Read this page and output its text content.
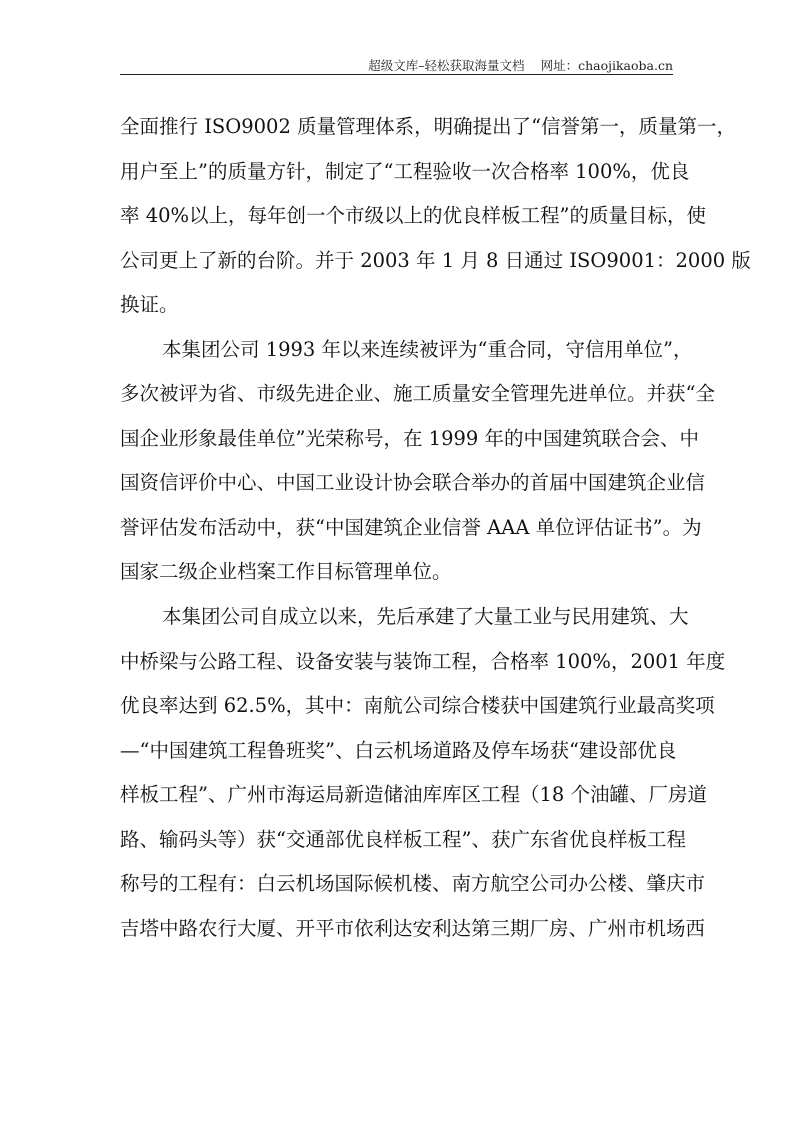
超级文库–轻松获取海量文档 网址：chaojikaoba.cn
全面推行 ISO9002 质量管理体系，明确提出了“信誉第一，质量第一，
用户至上”的质量方针，制定了“工程验收一次合格率 100%，优良
率 40%以上，每年创一个市级以上的优良样板工程”的质量目标，使
公司更上了新的台阶。并于 2003 年 1 月 8 日通过 ISO9001：2000 版
换证。
本集团公司 1993 年以来连续被评为“重合同，守信用单位”，
多次被评为省、市级先进企业、施工质量安全管理先进单位。并获“全
国企业形象最佳单位”光荣称号，在 1999 年的中国建筑联合会、中
国资信评价中心、中国工业设计协会联合举办的首届中国建筑企业信
誉评估发布活动中，获“中国建筑企业信誉 AAA 单位评估证书”。为
国家二级企业档案工作目标管理单位。
本集团公司自成立以来，先后承建了大量工业与民用建筑、大
中桥梁与公路工程、设备安装与装饰工程，合格率 100%，2001 年度
优良率达到 62.5%，其中：南航公司综合楼获中国建筑行业最高奖项
—“中国建筑工程鲁班奖”、白云机场道路及停车场获“建设部优良
样板工程”、广州市海运局新造储油库库区工程（18 个油罐、厂房道
路、输码头等）获“交通部优良样板工程”、获广东省优良样板工程
称号的工程有：白云机场国际候机楼、南方航空公司办公楼、肇庆市
吉塔中路农行大厦、开平市依利达安利达第三期厂房、广州市机场西
